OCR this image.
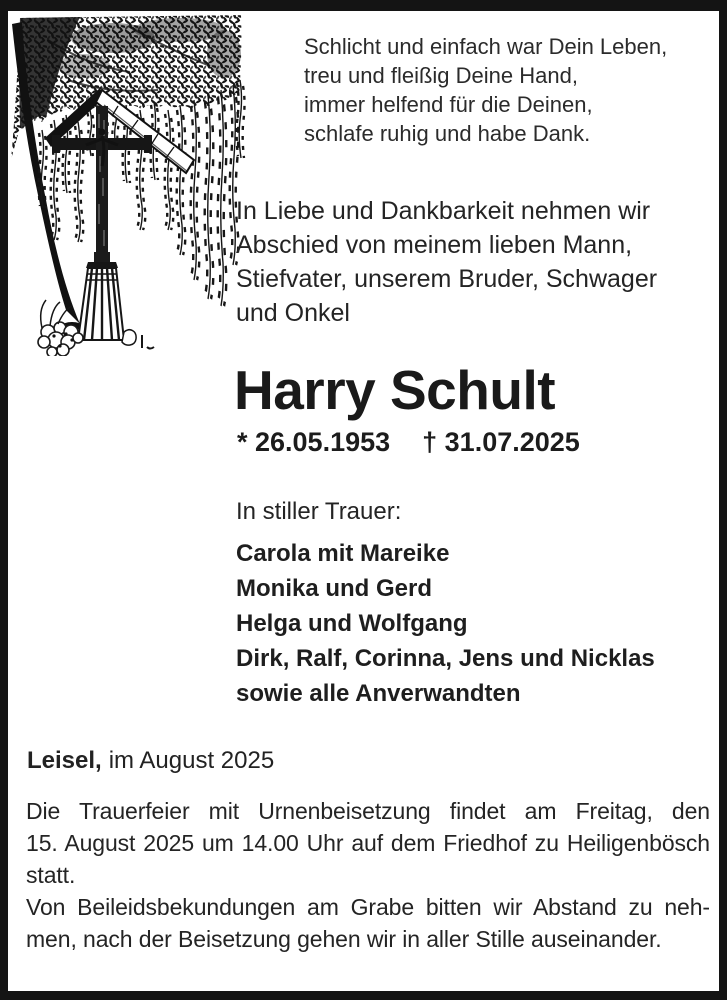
Schlicht und einfach war Dein Leben,
treu und fleißig Deine Hand,
immer helfend für die Deinen,
schlafe ruhig und habe Dank.
In Liebe und Dankbarkeit nehmen wir
Abschied von meinem lieben Mann,
Stiefvater, unserem Bruder, Schwager
und Onkel
Harry Schult
* 26.05.1953 † 31.07.2025
In stiller Trauer:
Carola mit Mareike
Monika und Gerd
Helga und Wolfgang
Dirk, Ralf, Corinna, Jens und Nicklas
sowie alle Anverwandten
Leisel, im August 2025
Die Trauerfeier mit Urnenbeisetzung findet am Freitag, den
15. August 2025 um 14.00 Uhr auf dem Friedhof zu Heiligenbösch
statt.
Von Beileidsbekundungen am Grabe bitten wir Abstand zu neh-
men, nach der Beisetzung gehen wir in aller Stille auseinander.
